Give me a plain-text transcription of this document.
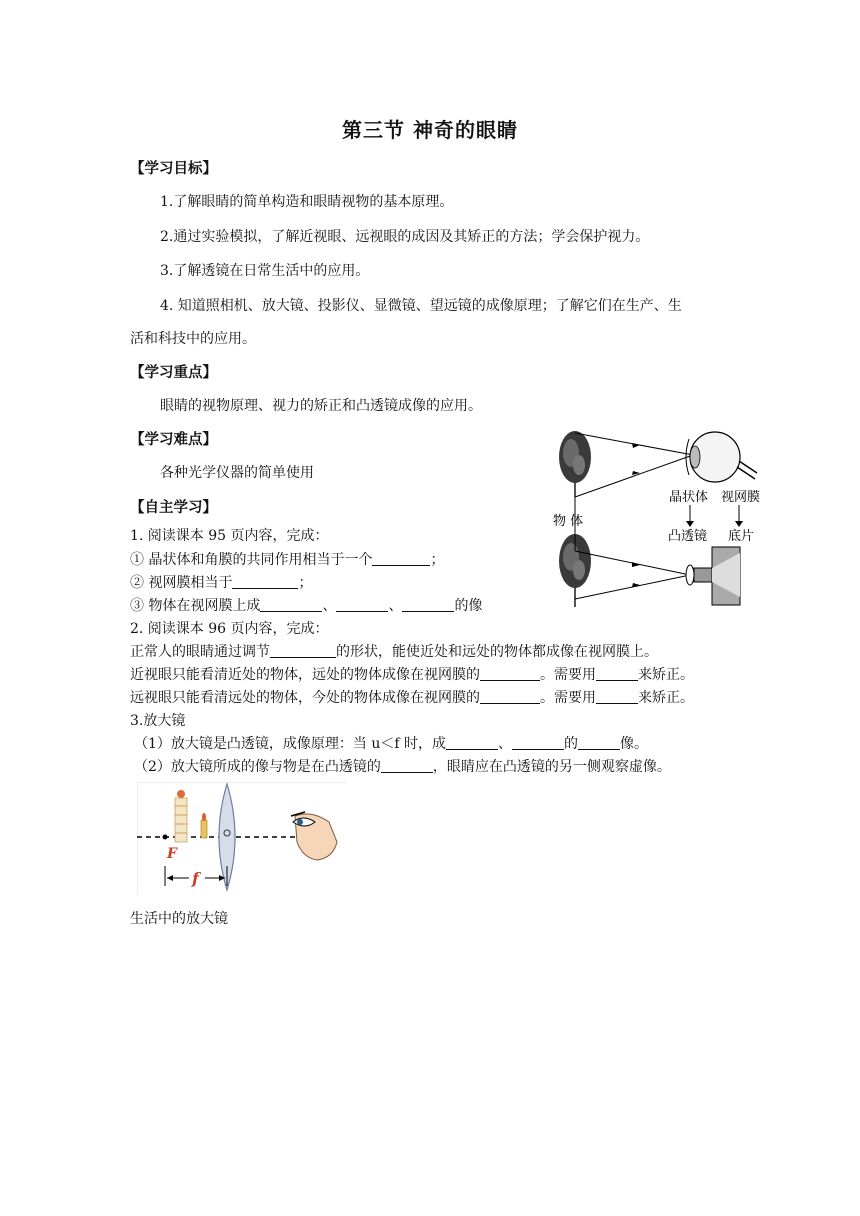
第三节 神奇的眼睛
【学习目标】
1.了解眼睛的简单构造和眼睛视物的基本原理。
2.通过实验模拟，了解近视眼、远视眼的成因及其矫正的方法；学会保护视力。
3.了解透镜在日常生活中的应用。
4. 知道照相机、放大镜、投影仪、显微镜、望远镜的成像原理；了解它们在生产、生
活和科技中的应用。
【学习重点】
眼睛的视物原理、视力的矫正和凸透镜成像的应用。
【学习难点】
各种光学仪器的简单使用
【自主学习】
1. 阅读课本 95 页内容，完成：
① 晶状体和角膜的共同作用相当于一个	；
② 视网膜相当于	；
③ 物体在视网膜上成	、	、	的像
2. 阅读课本 96 页内容，完成：
正常人的眼睛通过调节	的形状，能使近处和远处的物体都成像在视网膜上。
近视眼只能看清近处的物体，远处的物体成像在视网膜的	。需要用	来矫正。
远视眼只能看清远处的物体，今处的物体成像在视网膜的	。需要用	来矫正。
3.放大镜
（1）放大镜是凸透镜，成像原理：当 u＜f 时，成	、	的	像。
（2）放大镜所成的像与物是在凸透镜的	，眼睛应在凸透镜的另一侧观察虚像。
晶状体 视网膜
凸透镜 底片
物 体
F
f
生活中的放大镜
